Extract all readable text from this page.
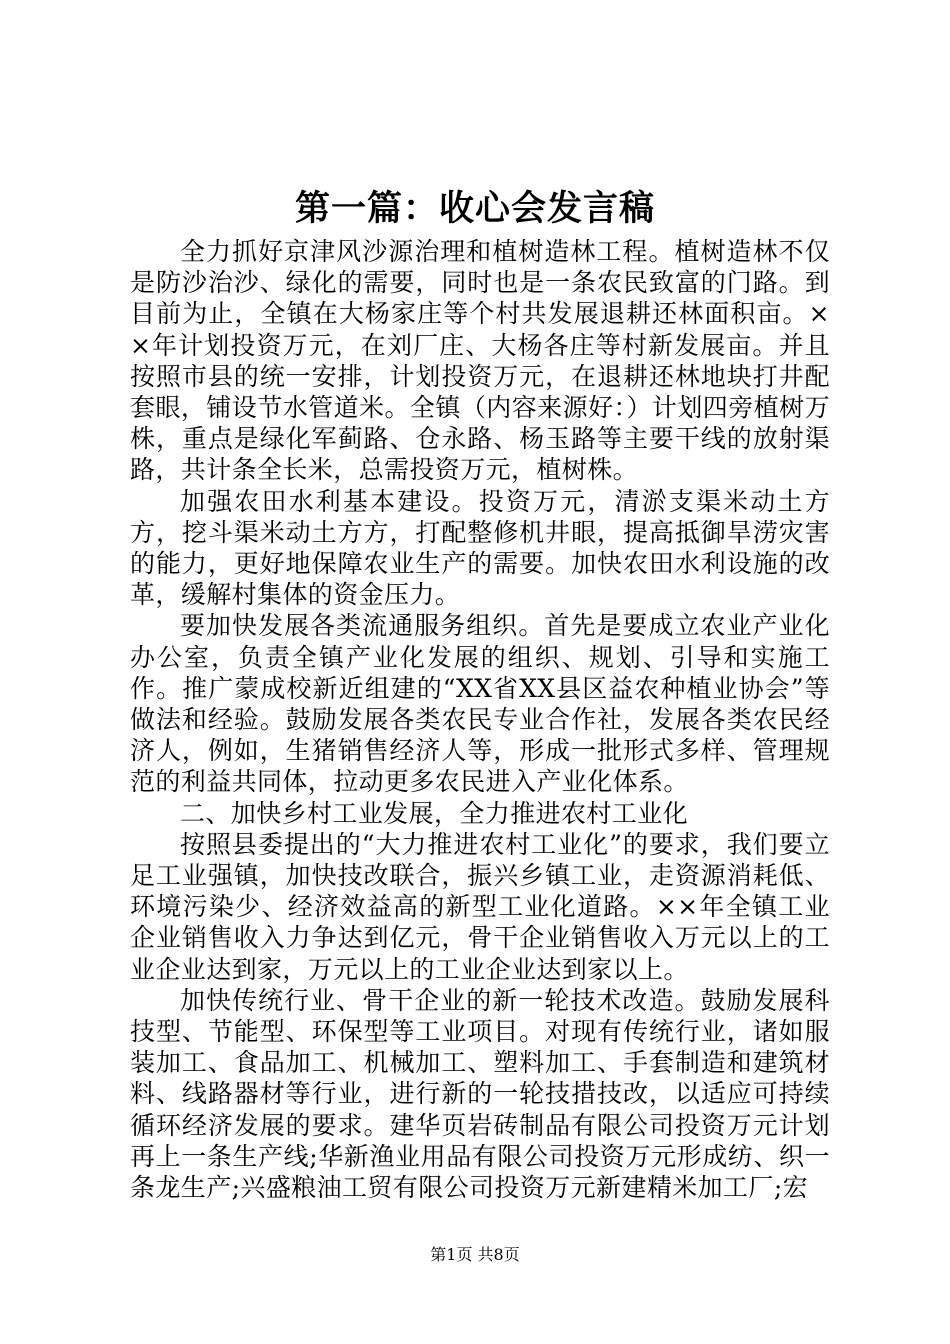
第一篇：收心会发言稿

全力抓好京津风沙源治理和植树造林工程。植树造林不仅是防沙治沙、绿化的需要，同时也是一条农民致富的门路。到目前为止，全镇在大杨家庄等个村共发展退耕还林面积亩。××年计划投资万元，在刘厂庄、大杨各庄等村新发展亩。并且按照市县的统一安排，计划投资万元，在退耕还林地块打井配套眼，铺设节水管道米。全镇（内容来源好：）计划四旁植树万株，重点是绿化军蓟路、仓永路、杨玉路等主要干线的放射渠路，共计条全长米，总需投资万元，植树株。

加强农田水利基本建设。投资万元，清淤支渠米动土方方，挖斗渠米动土方方，打配整修机井眼，提高抵御旱涝灾害的能力，更好地保障农业生产的需要。加快农田水利设施的改革，缓解村集体的资金压力。

要加快发展各类流通服务组织。首先是要成立农业产业化办公室，负责全镇产业化发展的组织、规划、引导和实施工作。推广蒙成校新近组建的“XX省XX县区益农种植业协会”等做法和经验。鼓励发展各类农民专业合作社，发展各类农民经济人，例如，生猪销售经济人等，形成一批形式多样、管理规范的利益共同体，拉动更多农民进入产业化体系。

二、加快乡村工业发展，全力推进农村工业化

按照县委提出的“大力推进农村工业化”的要求，我们要立足工业强镇，加快技改联合，振兴乡镇工业，走资源消耗低、环境污染少、经济效益高的新型工业化道路。××年全镇工业企业销售收入力争达到亿元，骨干企业销售收入万元以上的工业企业达到家，万元以上的工业企业达到家以上。

加快传统行业、骨干企业的新一轮技术改造。鼓励发展科技型、节能型、环保型等工业项目。对现有传统行业，诸如服装加工、食品加工、机械加工、塑料加工、手套制造和建筑材料、线路器材等行业，进行新的一轮技措技改，以适应可持续循环经济发展的要求。建华页岩砖制品有限公司投资万元计划再上一条生产线;华新渔业用品有限公司投资万元形成纺、织一条龙生产;兴盛粮油工贸有限公司投资万元新建精米加工厂;宏

第1页 共8页
